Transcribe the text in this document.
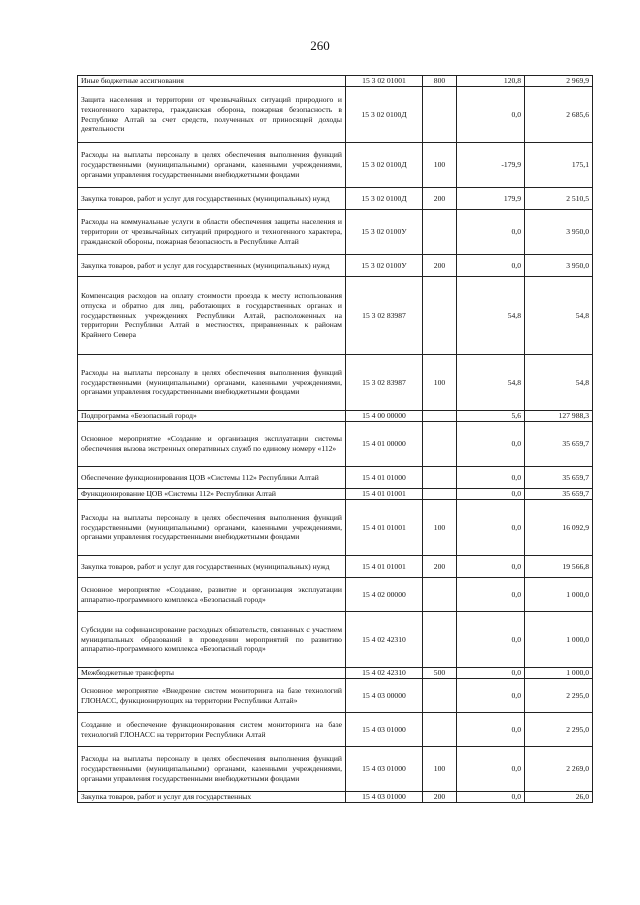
260
Иные бюджетные ассигнования	15 3 02 01001	800	120,8	2 969,9
Защита населения и территории от чрезвычайных ситуаций природного и техногенного характера, гражданская оборона, пожарная безопасность в Республике Алтай за счет средств, полученных от приносящей доходы деятельности	15 3 02 0100Д		0,0	2 685,6
Расходы на выплаты персоналу в целях обеспечения выполнения функций государственными (муниципальными) органами, казенными учреждениями, органами управления государственными внебюджетными фондами	15 3 02 0100Д	100	-179,9	175,1
Закупка товаров, работ и услуг для государственных (муниципальных) нужд	15 3 02 0100Д	200	179,9	2 510,5
Расходы на коммунальные услуги в области обеспечения защиты населения и территории от чрезвычайных ситуаций природного и техногенного характера, гражданской обороны, пожарная безопасность в Республике Алтай	15 3 02 0100У		0,0	3 950,0
Закупка товаров, работ и услуг для государственных (муниципальных) нужд	15 3 02 0100У	200	0,0	3 950,0
Компенсация расходов на оплату стоимости проезда к месту использования отпуска и обратно для лиц, работающих в государственных органах и государственных учреждениях Республики Алтай, расположенных на территории Республики Алтай в местностях, приравненных к районам Крайнего Севера	15 3 02 83987		54,8	54,8
Расходы на выплаты персоналу в целях обеспечения выполнения функций государственными (муниципальными) органами, казенными учреждениями, органами управления государственными внебюджетными фондами	15 3 02 83987	100	54,8	54,8
Подпрограмма «Безопасный город»	15 4 00 00000		5,6	127 988,3
Основное мероприятие «Создание и организация эксплуатации системы обеспечения вызова экстренных оперативных служб по единому номеру «112»	15 4 01 00000		0,0	35 659,7
Обеспечение функционирования ЦОВ «Системы 112» Республики Алтай	15 4 01 01000		0,0	35 659,7
Функционирование ЦОВ «Системы 112» Республики Алтай	15 4 01 01001		0,0	35 659,7
Расходы на выплаты персоналу в целях обеспечения выполнения функций государственными (муниципальными) органами, казенными учреждениями, органами управления государственными внебюджетными фондами	15 4 01 01001	100	0,0	16 092,9
Закупка товаров, работ и услуг для государственных (муниципальных) нужд	15 4 01 01001	200	0,0	19 566,8
Основное мероприятие «Создание, развитие и организация эксплуатации аппаратно-программного комплекса «Безопасный город»	15 4 02 00000		0,0	1 000,0
Субсидии на софинансирование расходных обязательств, связанных с участием муниципальных образований в проведении мероприятий по развитию аппаратно-программного комплекса «Безопасный город»	15 4 02 42310		0,0	1 000,0
Межбюджетные трансферты	15 4 02 42310	500	0,0	1 000,0
Основное мероприятие «Внедрение систем мониторинга на базе технологий ГЛОНАСС, функционирующих на территории Республики Алтай»	15 4 03 00000		0,0	2 295,0
Создание и обеспечение функционирования систем мониторинга на базе технологий ГЛОНАСС на территории Республики Алтай	15 4 03 01000		0,0	2 295,0
Расходы на выплаты персоналу в целях обеспечения выполнения функций государственными (муниципальными) органами, казенными учреждениями, органами управления государственными внебюджетными фондами	15 4 03 01000	100	0,0	2 269,0
Закупка товаров, работ и услуг для государственных	15 4 03 01000	200	0,0	26,0
